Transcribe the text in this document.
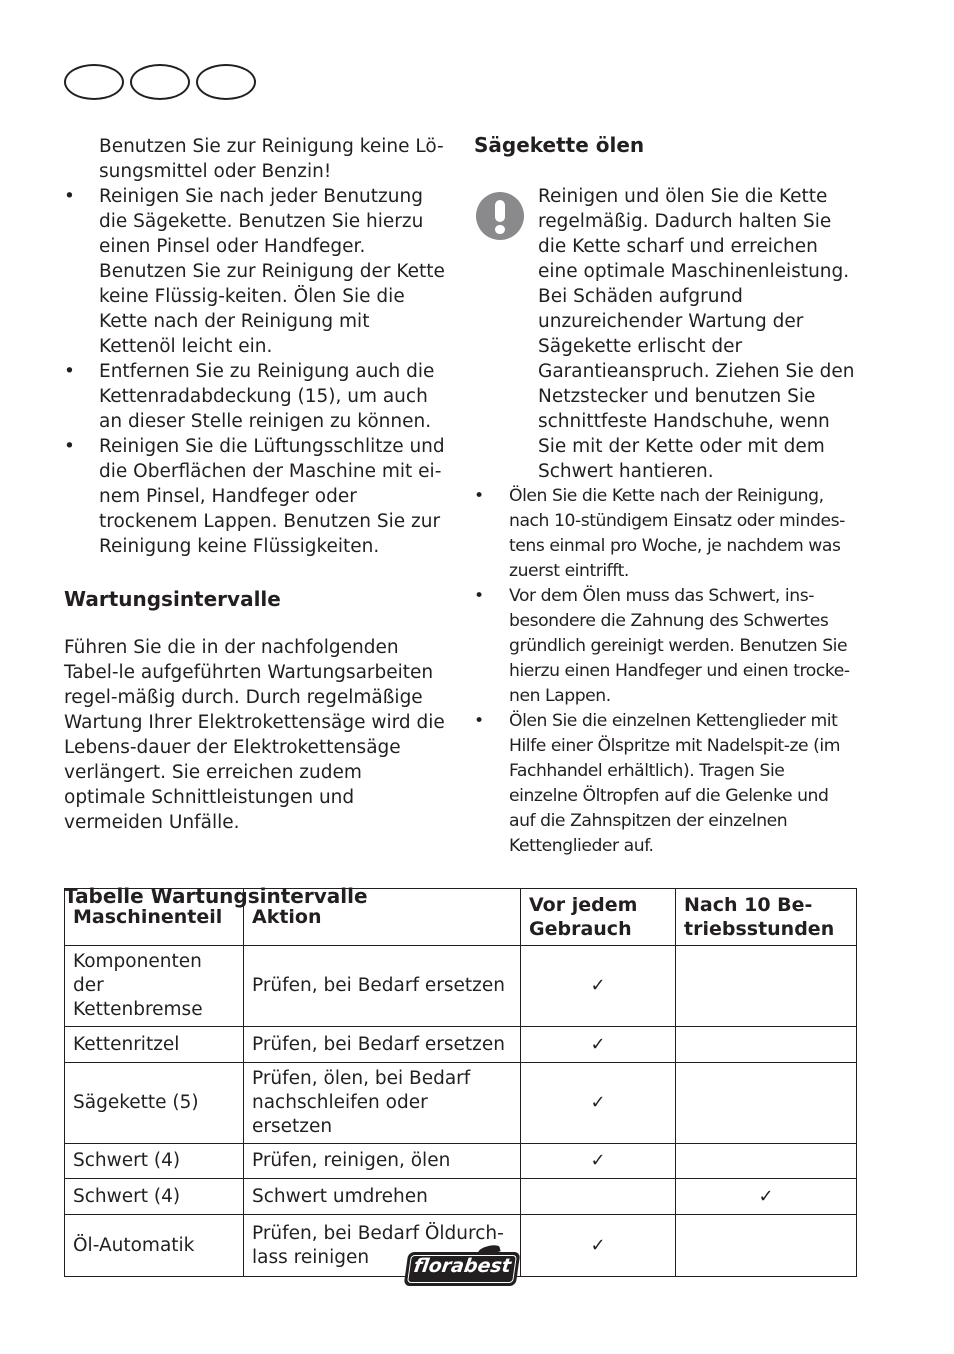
Benutzen Sie zur Reinigung keine Lö-
sungsmittel oder Benzin!

• Reinigen Sie nach jeder Benutzung die Sägekette. Benutzen Sie hierzu einen Pinsel oder Handfeger. Benutzen Sie zur Reinigung der Kette keine Flüssig-keiten. Ölen Sie die Kette nach der Reinigung mit Kettenöl leicht ein.
• Entfernen Sie zu Reinigung auch die Kettenradabdeckung (15), um auch an dieser Stelle reinigen zu können.
• Reinigen Sie die Lüftungsschlitze und die Oberflächen der Maschine mit ei-nem Pinsel, Handfeger oder trockenem Lappen. Benutzen Sie zur Reinigung keine Flüssigkeiten.
Wartungsintervalle

Führen Sie die in der nachfolgenden Tabel-le aufgeführten Wartungsarbeiten regel-mäßig durch. Durch regelmäßige Wartung Ihrer Elektrokettensäge wird die Lebens-dauer der Elektrokettensäge verlängert. Sie erreichen zudem optimale Schnittleistungen und vermeiden Unfälle.

Tabelle Wartungsintervalle
Sägekette ölen

Reinigen und ölen Sie die Kette regelmäßig. Dadurch halten Sie die Kette scharf und erreichen eine optimale Maschinenleistung. Bei Schäden aufgrund unzureichender Wartung der Sägekette erlischt der Garantieanspruch. Ziehen Sie den Netzstecker und benutzen Sie schnittfeste Handschuhe, wenn Sie mit der Kette oder mit dem Schwert hantieren.

• Ölen Sie die Kette nach der Reinigung, nach 10-stündigem Einsatz oder mindes-tens einmal pro Woche, je nachdem was zuerst eintrifft.
• Vor dem Ölen muss das Schwert, ins-besondere die Zahnung des Schwertes gründlich gereinigt werden. Benutzen Sie hierzu einen Handfeger und einen trocke-nen Lappen.
• Ölen Sie die einzelnen Kettenglieder mit Hilfe einer Ölspritze mit Nadelspit-ze (im Fachhandel erhältlich). Tragen Sie einzelne Öltropfen auf die Gelenke und auf die Zahnspitzen der einzelnen Kettenglieder auf.
Maschinenteil	Aktion	Vor jedem Gebrauch	Nach 10 Be-triebsstunden
Komponenten der Kettenbremse	Prüfen, bei Bedarf ersetzen	✓	
Kettenritzel	Prüfen, bei Bedarf ersetzen	✓	
Sägekette (5)	Prüfen, ölen, bei Bedarf nachschleifen oder ersetzen	✓	
Schwert (4)	Prüfen, reinigen, ölen	✓	
Schwert (4)	Schwert umdrehen		✓
Öl-Automatik	Prüfen, bei Bedarf Öldurch-lass reinigen	✓	
florabest
